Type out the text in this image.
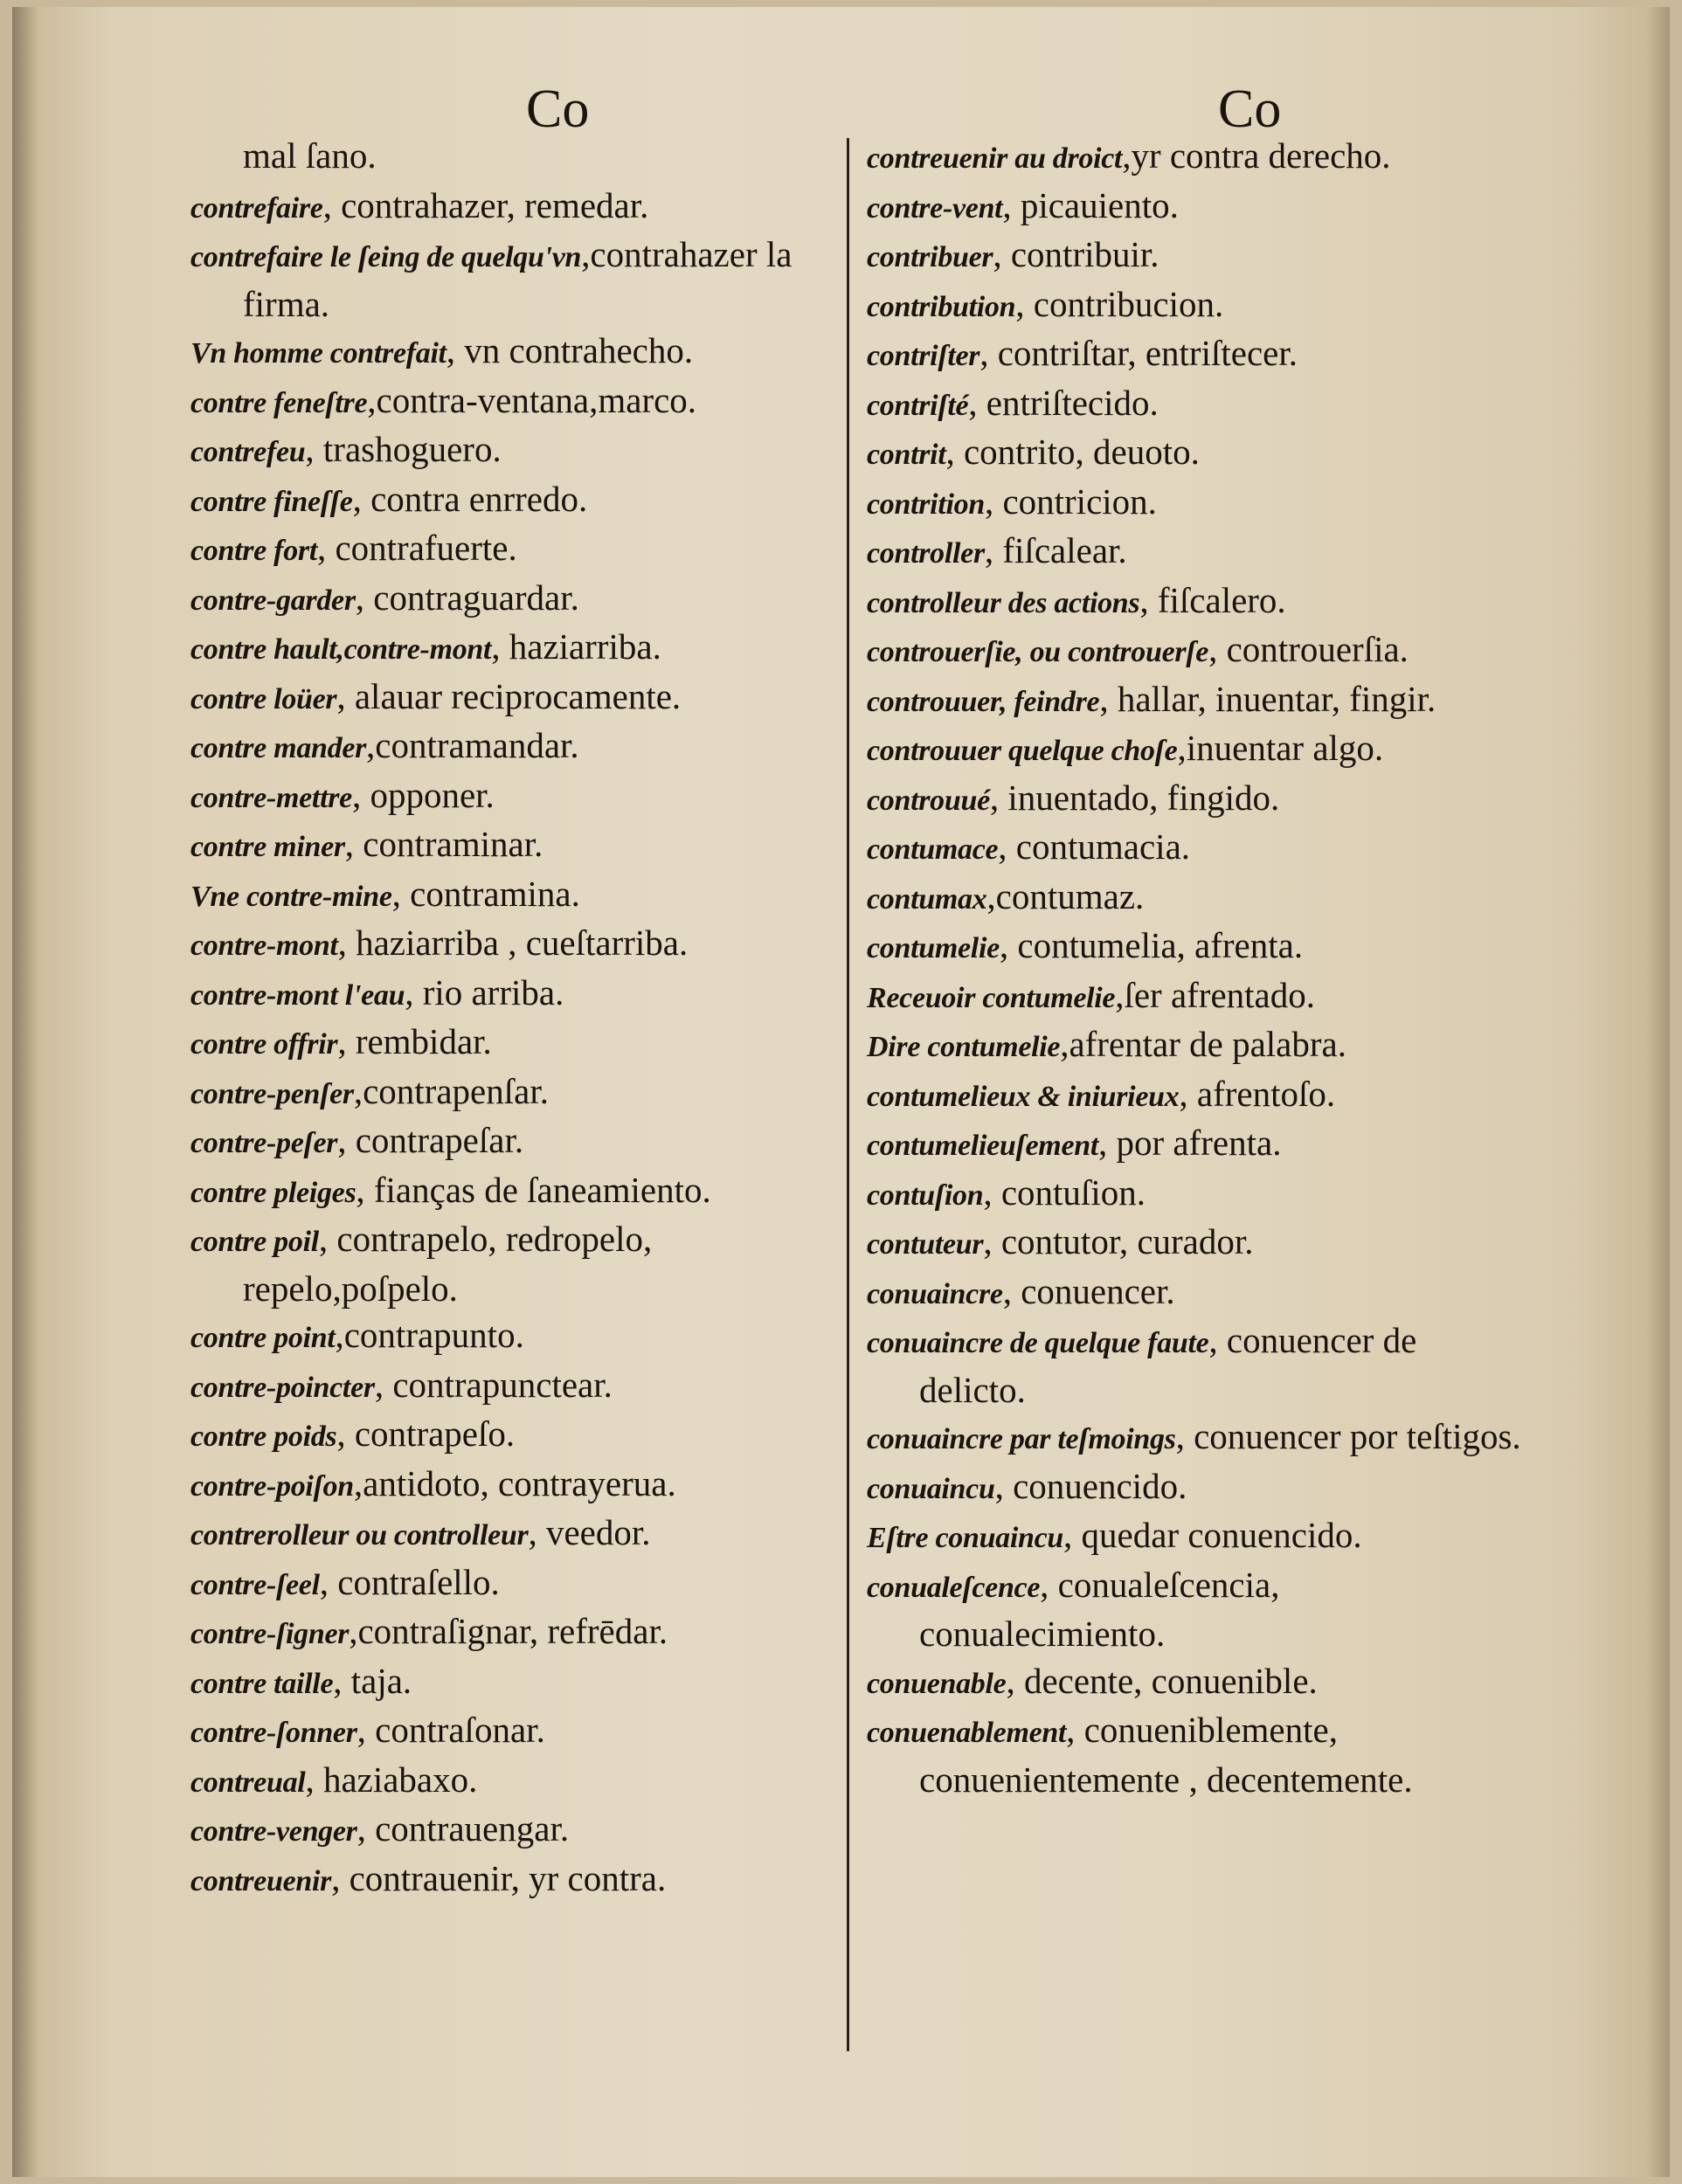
Co	Co
mal ſano.
contrefaire, contrahazer, remedar.
contrefaire le ſeing de quelqu'vn,contrahazer la firma.
Vn homme contrefait, vn contrahecho.
contre feneſtre,contra-ventana,marco.
contrefeu, trashoguero.
contre fineſſe, contra enrredo.
contre fort, contrafuerte.
contre-garder, contraguardar.
contre hault,contre-mont, haziarriba.
contre loüer, alauar reciprocamente.
contre mander,contramandar.
contre-mettre, opponer.
contre miner, contraminar.
Vne contre-mine, contramina.
contre-mont, haziarriba , cueſtarriba.
contre-mont l'eau, rio arriba.
contre offrir, rembidar.
contre-penſer,contrapenſar.
contre-peſer, contrapeſar.
contre pleiges, fianças de ſaneamiento.
contre poil, contrapelo, redropelo, repelo,poſpelo.
contre point,contrapunto.
contre-poincter, contrapunctear.
contre poids, contrapeſo.
contre-poiſon,antidoto, contrayerua.
contrerolleur ou controlleur, veedor.
contre-ſeel, contraſello.
contre-ſigner,contraſignar, refrēdar.
contre taille, taja.
contre-ſonner, contraſonar.
contreual, haziabaxo.
contre-venger, contrauengar.
contreuenir, contrauenir, yr contra.
contreuenir au droict,yr contra derecho.
contre-vent, picauiento.
contribuer, contribuir.
contribution, contribucion.
contriſter, contriſtar, entriſtecer.
contriſté, entriſtecido.
contrit, contrito, deuoto.
contrition, contricion.
controller, fiſcalear.
controlleur des actions, fiſcalero.
controuerſie, ou controuerſe, controuerſia.
controuuer, feindre, hallar, inuentar, fingir.
controuuer quelque choſe,inuentar algo.
controuué, inuentado, fingido.
contumace, contumacia.
contumax,contumaz.
contumelie, contumelia, afrenta.
Receuoir contumelie,ſer afrentado.
Dire contumelie,afrentar de palabra.
contumelieux & iniurieux, afrentoſo.
contumelieuſement, por afrenta.
contuſion, contuſion.
contuteur, contutor, curador.
conuaincre, conuencer.
conuaincre de quelque faute, conuencer de delicto.
conuaincre par teſmoings, conuencer por teſtigos.
conuaincu, conuencido.
Eſtre conuaincu, quedar conuencido.
conualeſcence, conualeſcencia, conualecimiento.
conuenable, decente, conuenible.
conuenablement, conueniblemente, conuenientemente , decentemente.
